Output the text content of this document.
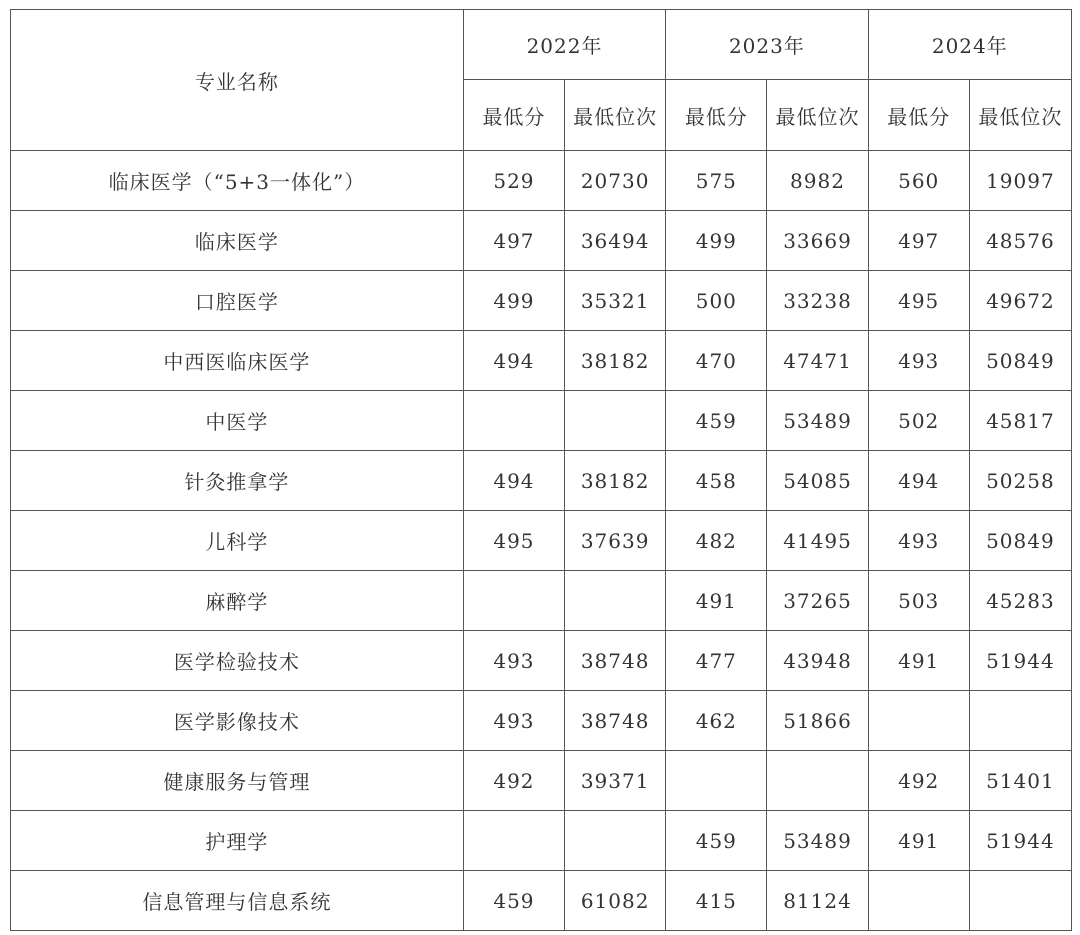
专业名称	2022年		2023年		2024年	
	最低分	最低位次	最低分	最低位次	最低分	最低位次
临床医学（“5+3一体化”）	529	20730	575	8982	560	19097
临床医学	497	36494	499	33669	497	48576
口腔医学	499	35321	500	33238	495	49672
中西医临床医学	494	38182	470	47471	493	50849
中医学			459	53489	502	45817
针灸推拿学	494	38182	458	54085	494	50258
儿科学	495	37639	482	41495	493	50849
麻醉学			491	37265	503	45283
医学检验技术	493	38748	477	43948	491	51944
医学影像技术	493	38748	462	51866		
健康服务与管理	492	39371			492	51401
护理学			459	53489	491	51944
信息管理与信息系统	459	61082	415	81124		
